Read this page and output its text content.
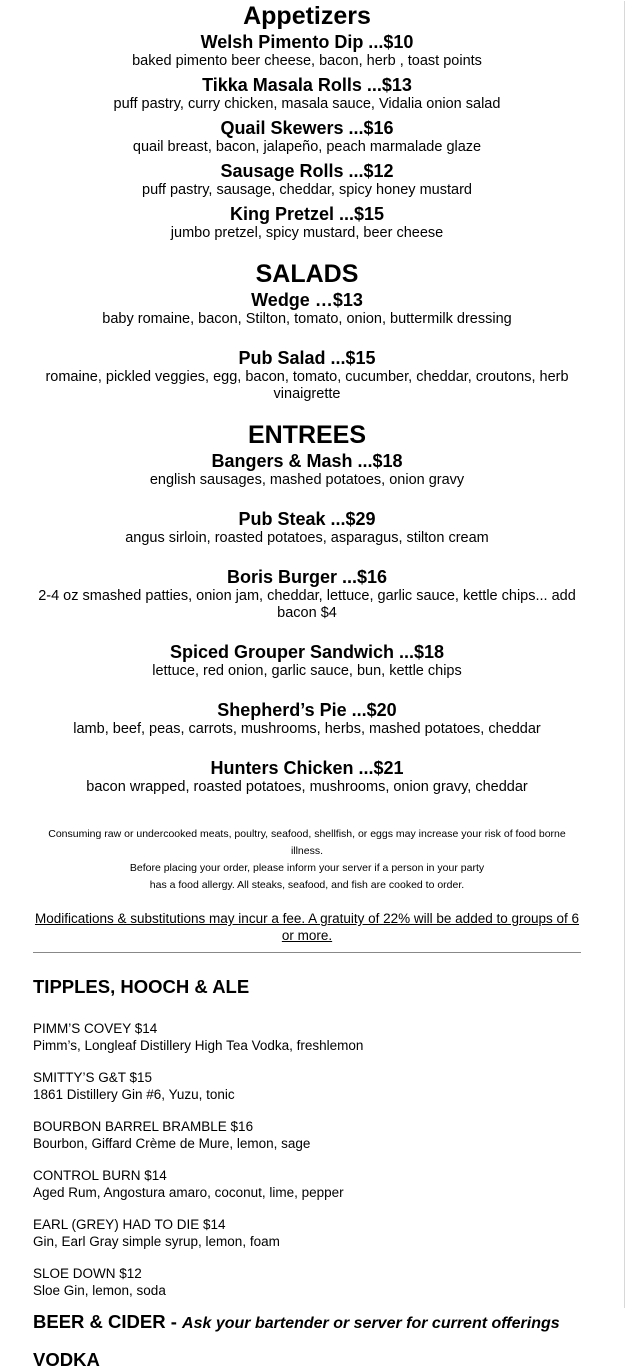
Appetizers

Welsh Pimento Dip ...$10

baked pimento beer cheese, bacon, herb , toast points

Tikka Masala Rolls ...$13

puff pastry, curry chicken, masala sauce, Vidalia onion salad

Quail Skewers ...$16

quail breast, bacon, jalapeño, peach marmalade glaze

Sausage Rolls ...$12

puff pastry, sausage, cheddar, spicy honey mustard

King Pretzel ...$15

jumbo pretzel, spicy mustard, beer cheese

SALADS

Wedge …$13

baby romaine, bacon, Stilton, tomato, onion, buttermilk dressing

Pub Salad ...$15

romaine, pickled veggies, egg, bacon, tomato, cucumber, cheddar, croutons, herb vinaigrette

ENTREES

Bangers & Mash ...$18

english sausages, mashed potatoes, onion gravy

Pub Steak ...$29

angus sirloin, roasted potatoes, asparagus, stilton cream

Boris Burger ...$16

2-4 oz smashed patties, onion jam, cheddar, lettuce, garlic sauce, kettle chips... add bacon $4

Spiced Grouper Sandwich ...$18

lettuce, red onion, garlic sauce, bun, kettle chips

Shepherd’s Pie ...$20

lamb, beef, peas, carrots, mushrooms, herbs, mashed potatoes, cheddar

Hunters Chicken ...$21

bacon wrapped, roasted potatoes, mushrooms, onion gravy, cheddar

Consuming raw or undercooked meats, poultry, seafood, shellfish, or eggs may increase your risk of food borne illness.

Before placing your order, please inform your server if a person in your party

has a food allergy. All steaks, seafood, and fish are cooked to order.

Modifications & substitutions may incur a fee. A gratuity of 22% will be added to groups of 6 or more.

TIPPLES, HOOCH & ALE

PIMM’S COVEY $14

Pimm’s, Longleaf Distillery High Tea Vodka, freshlemon

SMITTY’S G&T $15

1861 Distillery Gin #6, Yuzu, tonic

BOURBON BARREL BRAMBLE $16

Bourbon, Giffard Crème de Mure, lemon, sage

CONTROL BURN $14

Aged Rum, Angostura amaro, coconut, lime, pepper

EARL (GREY) HAD TO DIE $14

Gin, Earl Gray simple syrup, lemon, foam

SLOE DOWN $12

Sloe Gin, lemon, soda

BEER & CIDER - Ask your bartender or server for current offerings

VODKA
